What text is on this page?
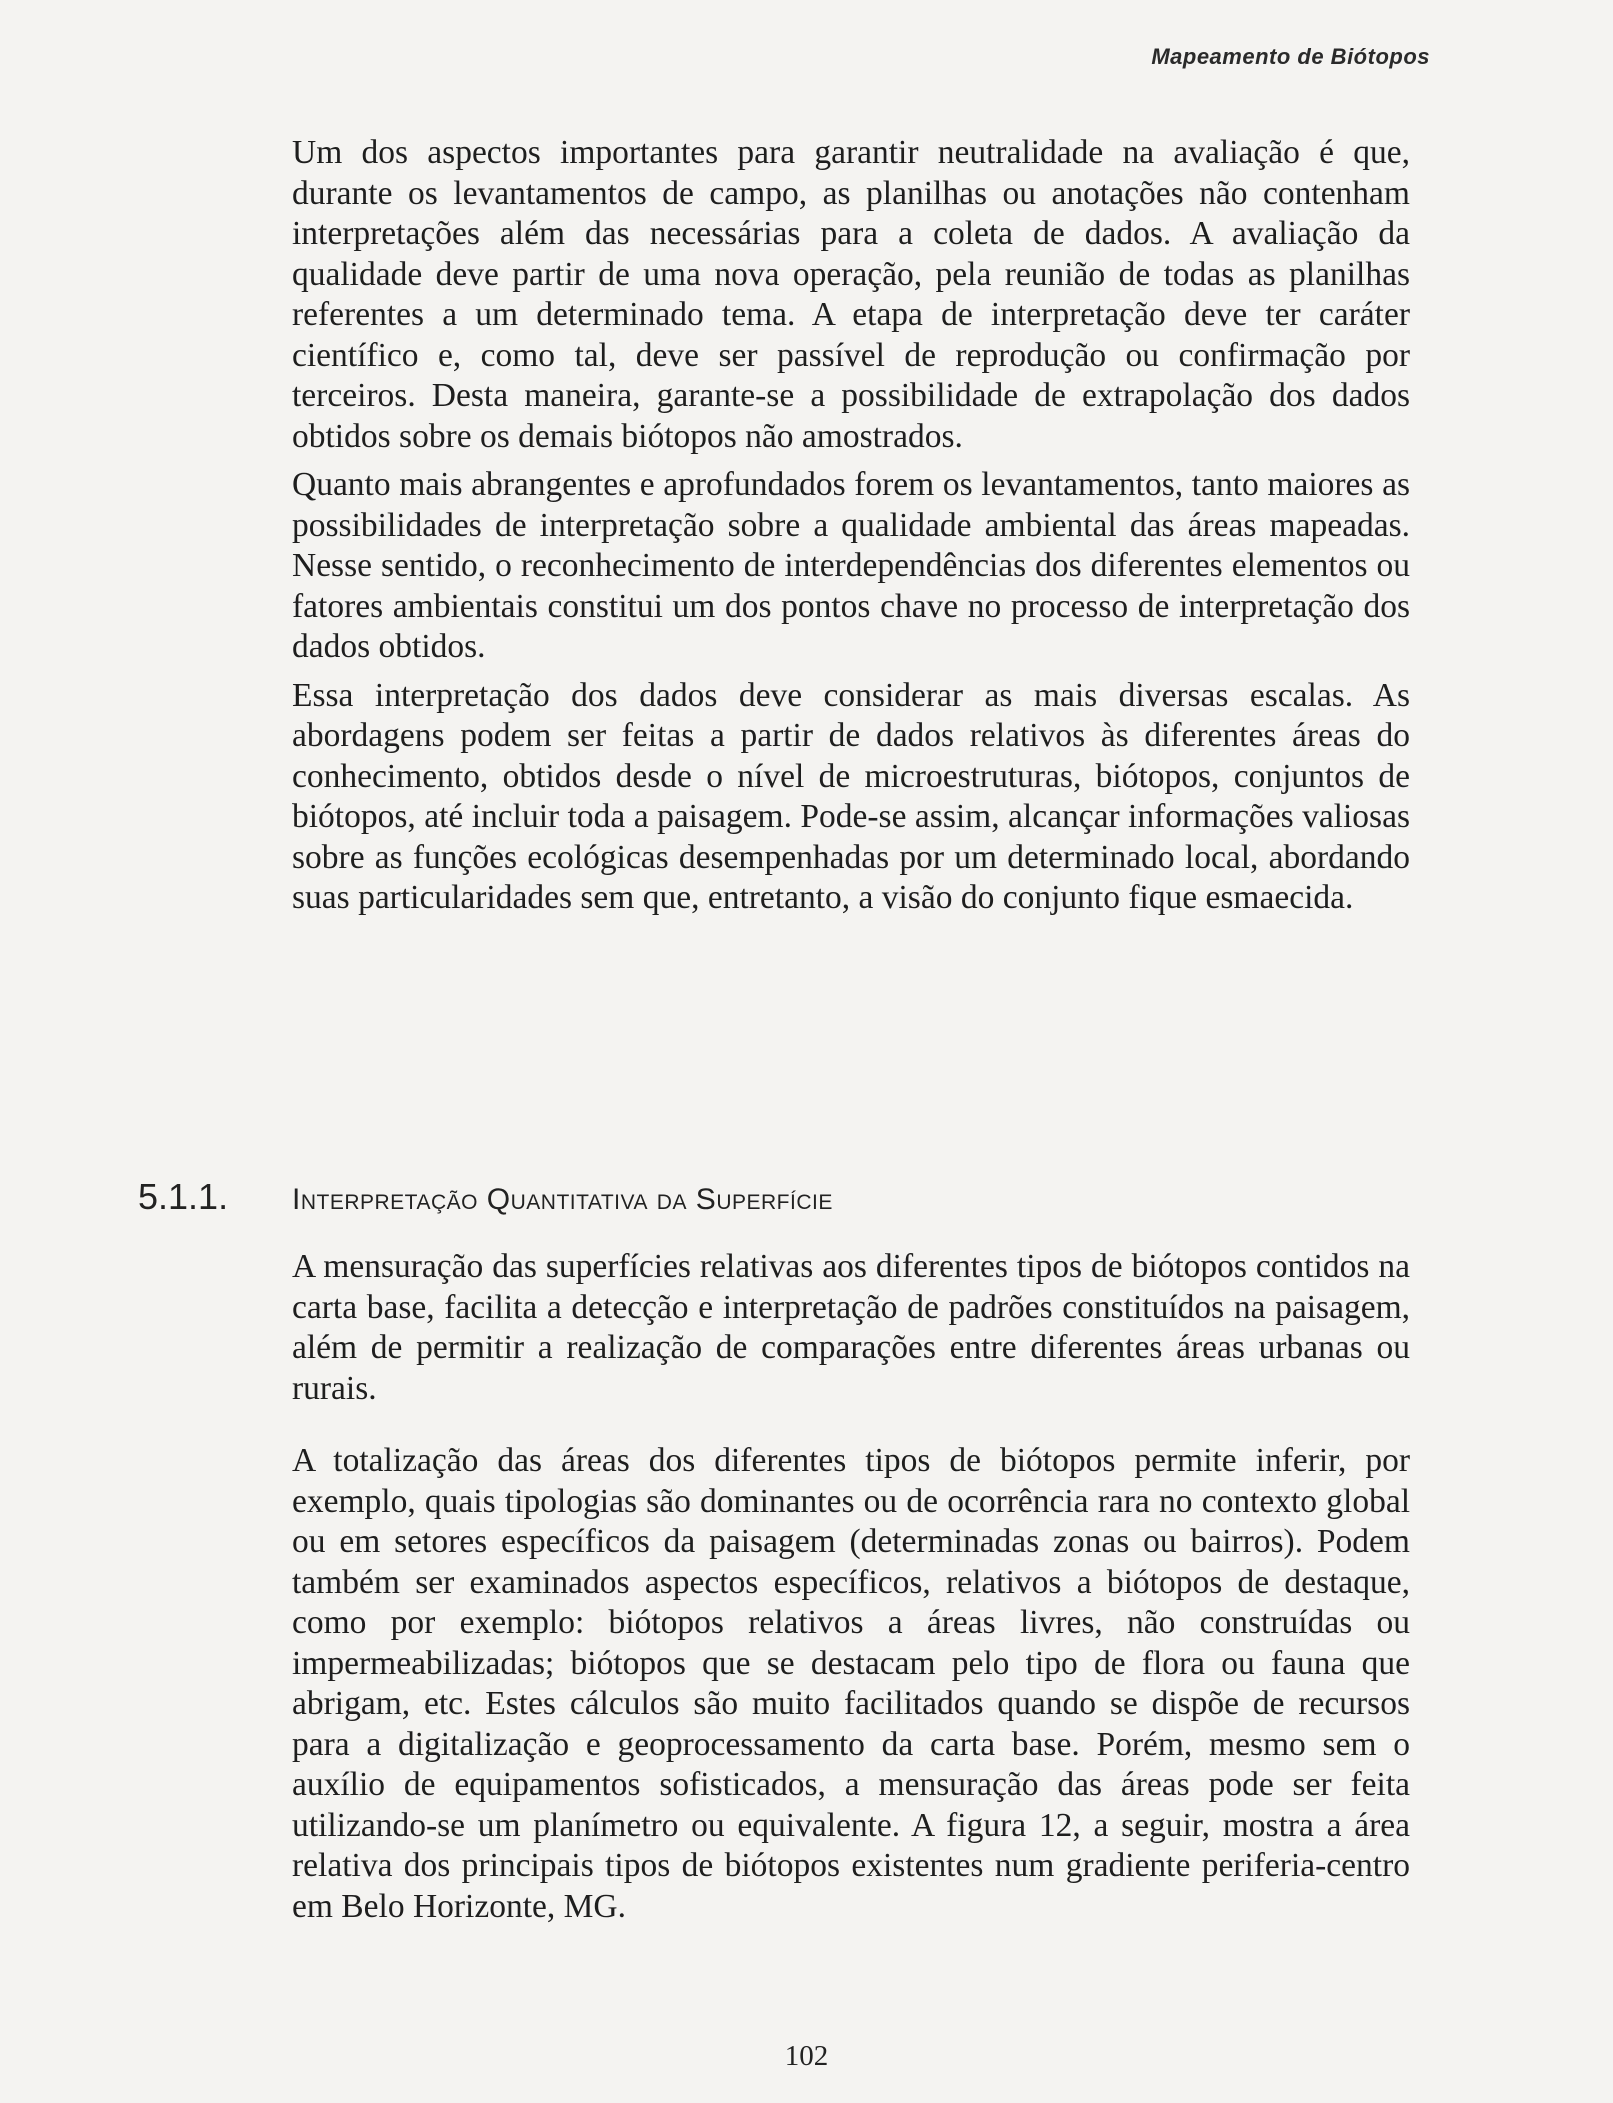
Mapeamento de Biótopos

Um dos aspectos importantes para garantir neutralidade na avaliação é que, durante os levantamentos de campo, as planilhas ou anotações não contenham interpretações além das necessárias para a coleta de dados. A avaliação da qualidade deve partir de uma nova operação, pela reunião de todas as planilhas referentes a um determinado tema. A etapa de interpretação deve ter caráter científico e, como tal, deve ser passível de reprodução ou confirmação por terceiros. Desta maneira, garante-se a possibilidade de extrapolação dos dados obtidos sobre os demais biótopos não amostrados.

Quanto mais abrangentes e aprofundados forem os levantamentos, tanto maiores as possibilidades de interpretação sobre a qualidade ambiental das áreas mapeadas. Nesse sentido, o reconhecimento de interdependências dos diferentes elementos ou fatores ambientais constitui um dos pontos chave no processo de interpretação dos dados obtidos.

Essa interpretação dos dados deve considerar as mais diversas escalas. As abordagens podem ser feitas a partir de dados relativos às diferentes áreas do conhecimento, obtidos desde o nível de microestruturas, biótopos, conjuntos de biótopos, até incluir toda a paisagem. Pode-se assim, alcançar informações valiosas sobre as funções ecológicas desempenhadas por um determinado local, abordando suas particularidades sem que, entretanto, a visão do conjunto fique esmaecida.

5.1.1. Interpretação Quantitativa da Superfície

A mensuração das superfícies relativas aos diferentes tipos de biótopos contidos na carta base, facilita a detecção e interpretação de padrões constituídos na paisagem, além de permitir a realização de comparações entre diferentes áreas urbanas ou rurais.

A totalização das áreas dos diferentes tipos de biótopos permite inferir, por exemplo, quais tipologias são dominantes ou de ocorrência rara no contexto global ou em setores específicos da paisagem (determinadas zonas ou bairros). Podem também ser examinados aspectos específicos, relativos a biótopos de destaque, como por exemplo: biótopos relativos a áreas livres, não construídas ou impermeabilizadas; biótopos que se destacam pelo tipo de flora ou fauna que abrigam, etc. Estes cálculos são muito facilitados quando se dispõe de recursos para a digitalização e geoprocessamento da carta base. Porém, mesmo sem o auxílio de equipamentos sofisticados, a mensuração das áreas pode ser feita utilizando-se um planímetro ou equivalente. A figura 12, a seguir, mostra a área relativa dos principais tipos de biótopos existentes num gradiente periferia-centro em Belo Horizonte, MG.

102
